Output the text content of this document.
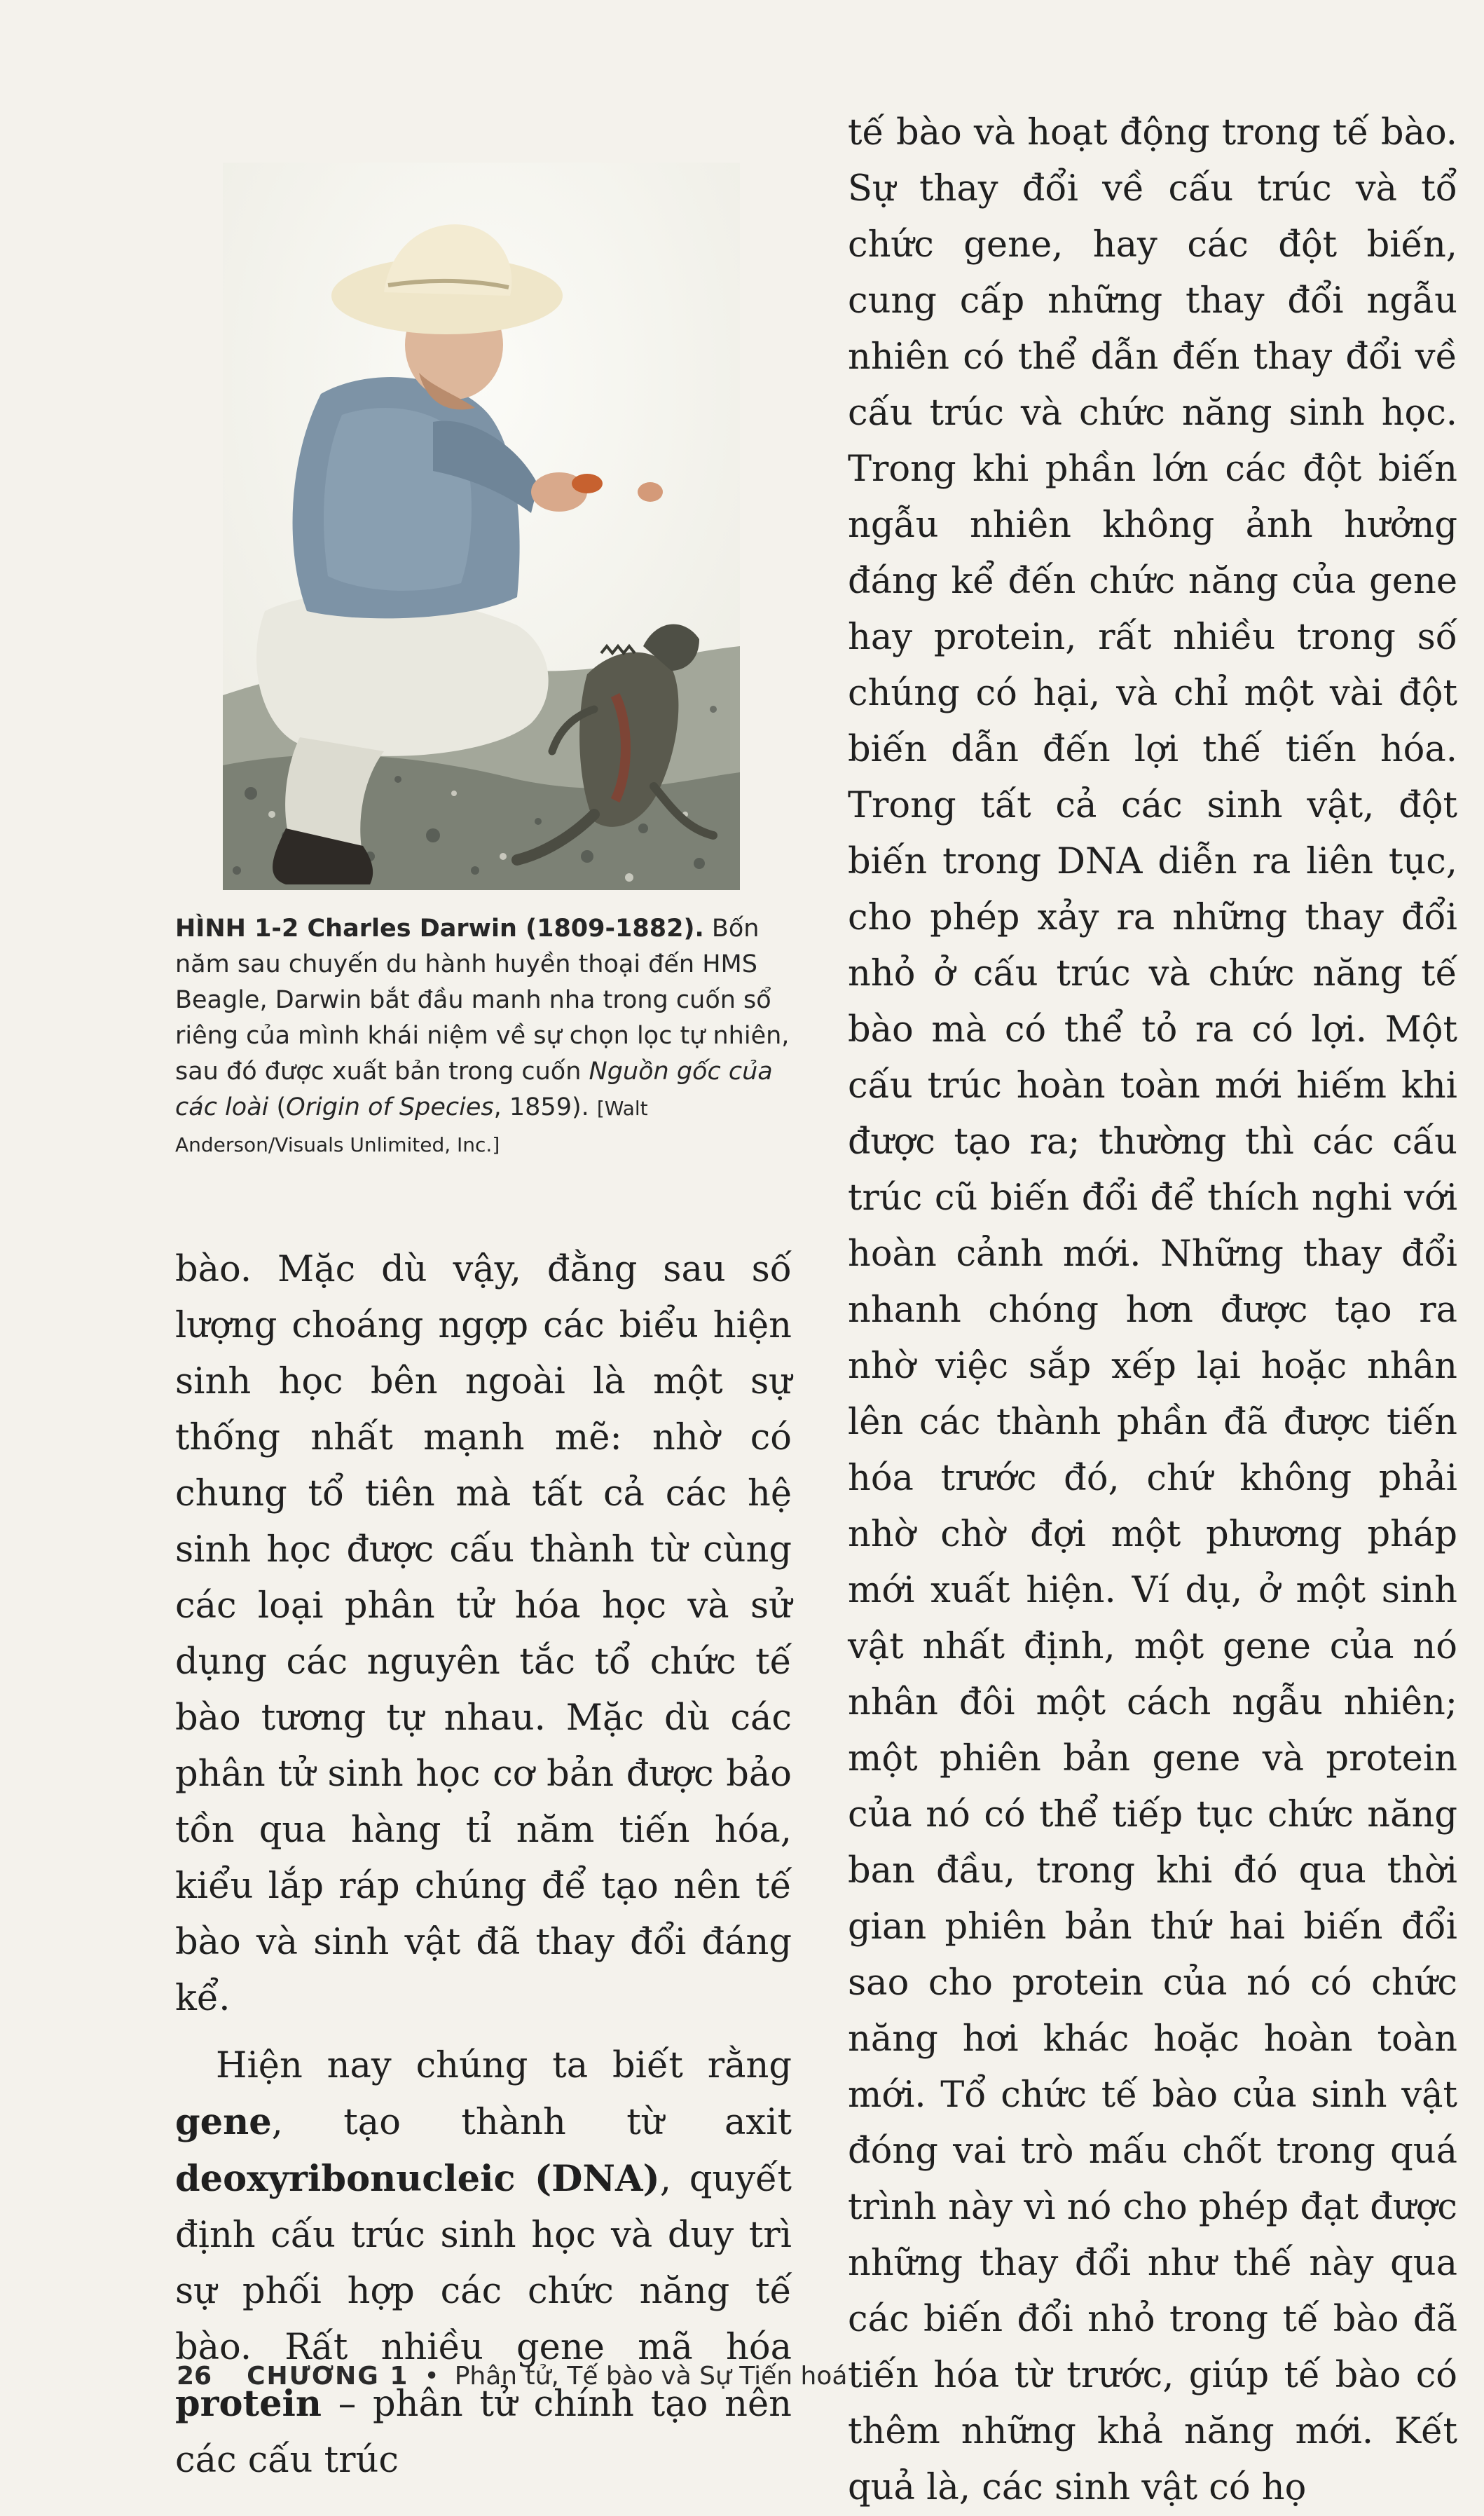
HÌNH 1-2 Charles Darwin (1809-1882). Bốn năm sau chuyến du hành huyền thoại đến HMS Beagle, Darwin bắt đầu manh nha trong cuốn sổ riêng của mình khái niệm về sự chọn lọc tự nhiên, sau đó được xuất bản trong cuốn Nguồn gốc của các loài (Origin of Species, 1859). [Walt Anderson/Visuals Unlimited, Inc.]

bào. Mặc dù vậy, đằng sau số lượng choáng ngợp các biểu hiện sinh học bên ngoài là một sự thống nhất mạnh mẽ: nhờ có chung tổ tiên mà tất cả các hệ sinh học được cấu thành từ cùng các loại phân tử hóa học và sử dụng các nguyên tắc tổ chức tế bào tương tự nhau. Mặc dù các phân tử sinh học cơ bản được bảo tồn qua hàng tỉ năm tiến hóa, kiểu lắp ráp chúng để tạo nên tế bào và sinh vật đã thay đổi đáng kể.

Hiện nay chúng ta biết rằng gene, tạo thành từ axit deoxyribonucleic (DNA), quyết định cấu trúc sinh học và duy trì sự phối hợp các chức năng tế bào. Rất nhiều gene mã hóa protein – phân tử chính tạo nên các cấu trúc

tế bào và hoạt động trong tế bào. Sự thay đổi về cấu trúc và tổ chức gene, hay các đột biến, cung cấp những thay đổi ngẫu nhiên có thể dẫn đến thay đổi về cấu trúc và chức năng sinh học. Trong khi phần lớn các đột biến ngẫu nhiên không ảnh hưởng đáng kể đến chức năng của gene hay protein, rất nhiều trong số chúng có hại, và chỉ một vài đột biến dẫn đến lợi thế tiến hóa. Trong tất cả các sinh vật, đột biến trong DNA diễn ra liên tục, cho phép xảy ra những thay đổi nhỏ ở cấu trúc và chức năng tế bào mà có thể tỏ ra có lợi. Một cấu trúc hoàn toàn mới hiếm khi được tạo ra; thường thì các cấu trúc cũ biến đổi để thích nghi với hoàn cảnh mới. Những thay đổi nhanh chóng hơn được tạo ra nhờ việc sắp xếp lại hoặc nhân lên các thành phần đã được tiến hóa trước đó, chứ không phải nhờ chờ đợi một phương pháp mới xuất hiện. Ví dụ, ở một sinh vật nhất định, một gene của nó nhân đôi một cách ngẫu nhiên; một phiên bản gene và protein của nó có thể tiếp tục chức năng ban đầu, trong khi đó qua thời gian phiên bản thứ hai biến đổi sao cho protein của nó có chức năng hơi khác hoặc hoàn toàn mới. Tổ chức tế bào của sinh vật đóng vai trò mấu chốt trong quá trình này vì nó cho phép đạt được những thay đổi như thế này qua các biến đổi nhỏ trong tế bào đã tiến hóa từ trước, giúp tế bào có thêm những khả năng mới. Kết quả là, các sinh vật có họ

26 CHƯƠNG 1 • Phân tử, Tế bào và Sự Tiến hoá
